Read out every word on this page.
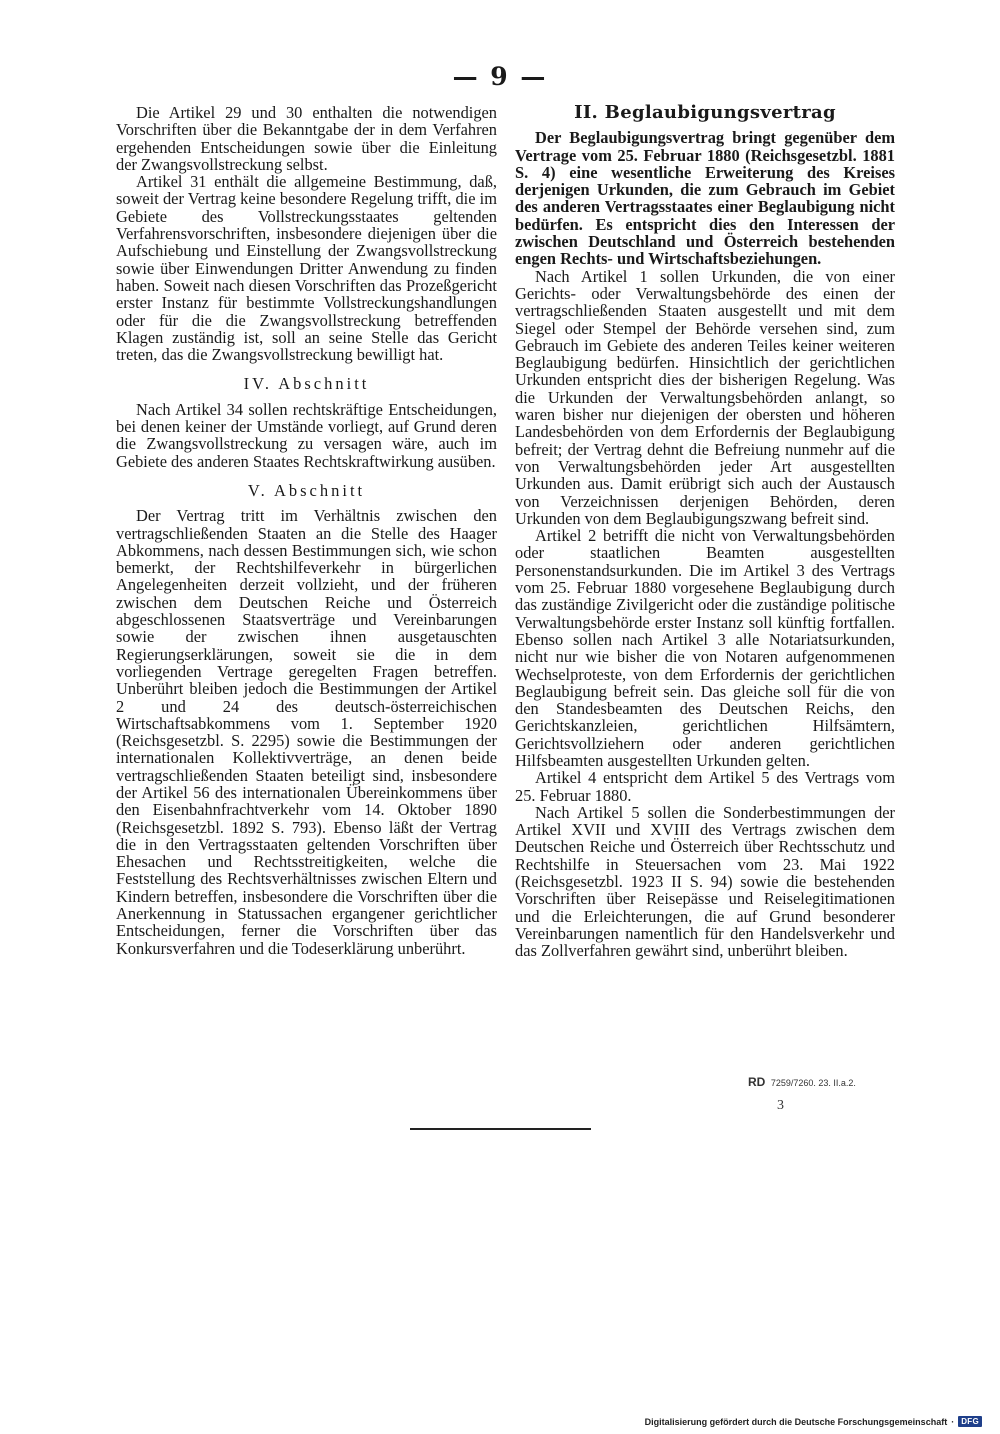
— 9 —

Die Artikel 29 und 30 enthalten die notwendigen Vorschriften über die Bekanntgabe der in dem Verfahren ergehenden Entscheidungen sowie über die Einleitung der Zwangsvollstreckung selbst.

Artikel 31 enthält die allgemeine Bestimmung, daß, soweit der Vertrag keine besondere Regelung trifft, die im Gebiete des Vollstreckungsstaates geltenden Verfahrensvorschriften, insbesondere diejenigen über die Aufschiebung und Einstellung der Zwangsvollstreckung sowie über Einwendungen Dritter Anwendung zu finden haben. Soweit nach diesen Vorschriften das Prozeßgericht erster Instanz für bestimmte Vollstreckungshandlungen oder für die die Zwangsvollstreckung betreffenden Klagen zuständig ist, soll an seine Stelle das Gericht treten, das die Zwangsvollstreckung bewilligt hat.

IV. Abschnitt

Nach Artikel 34 sollen rechtskräftige Entscheidungen, bei denen keiner der Umstände vorliegt, auf Grund deren die Zwangsvollstreckung zu versagen wäre, auch im Gebiete des anderen Staates Rechtskraftwirkung ausüben.

V. Abschnitt

Der Vertrag tritt im Verhältnis zwischen den vertragschließenden Staaten an die Stelle des Haager Abkommens, nach dessen Bestimmungen sich, wie schon bemerkt, der Rechtshilfeverkehr in bürgerlichen Angelegenheiten derzeit vollzieht, und der früheren zwischen dem Deutschen Reiche und Österreich abgeschlossenen Staatsverträge und Vereinbarungen sowie der zwischen ihnen ausgetauschten Regierungserklärungen, soweit sie die in dem vorliegenden Vertrage geregelten Fragen betreffen. Unberührt bleiben jedoch die Bestimmungen der Artikel 2 und 24 des deutsch-österreichischen Wirtschaftsabkommens vom 1. September 1920 (Reichsgesetzbl. S. 2295) sowie die Bestimmungen der internationalen Kollektivverträge, an denen beide vertragschließenden Staaten beteiligt sind, insbesondere der Artikel 56 des internationalen Übereinkommens über den Eisenbahnfrachtverkehr vom 14. Oktober 1890 (Reichsgesetzbl. 1892 S. 793). Ebenso läßt der Vertrag die in den Vertragsstaaten geltenden Vorschriften über Ehesachen und Rechtsstreitigkeiten, welche die Feststellung des Rechtsverhältnisses zwischen Eltern und Kindern betreffen, insbesondere die Vorschriften über die Anerkennung in Statussachen ergangener gerichtlicher Entscheidungen, ferner die Vorschriften über das Konkursverfahren und die Todeserklärung unberührt.

II. Beglaubigungsvertrag

Der Beglaubigungsvertrag bringt gegenüber dem Vertrage vom 25. Februar 1880 (Reichsgesetzbl. 1881 S. 4) eine wesentliche Erweiterung des Kreises derjenigen Urkunden, die zum Gebrauch im Gebiet des anderen Vertragsstaates einer Beglaubigung nicht bedürfen. Es entspricht dies den Interessen der zwischen Deutschland und Österreich bestehenden engen Rechts- und Wirtschaftsbeziehungen.

Nach Artikel 1 sollen Urkunden, die von einer Gerichts- oder Verwaltungsbehörde des einen der vertragschließenden Staaten ausgestellt und mit dem Siegel oder Stempel der Behörde versehen sind, zum Gebrauch im Gebiete des anderen Teiles keiner weiteren Beglaubigung bedürfen. Hinsichtlich der gerichtlichen Urkunden entspricht dies der bisherigen Regelung. Was die Urkunden der Verwaltungsbehörden anlangt, so waren bisher nur diejenigen der obersten und höheren Landesbehörden von dem Erfordernis der Beglaubigung befreit; der Vertrag dehnt die Befreiung nunmehr auf die von Verwaltungsbehörden jeder Art ausgestellten Urkunden aus. Damit erübrigt sich auch der Austausch von Verzeichnissen derjenigen Behörden, deren Urkunden von dem Beglaubigungszwang befreit sind.

Artikel 2 betrifft die nicht von Verwaltungsbehörden oder staatlichen Beamten ausgestellten Personenstandsurkunden. Die im Artikel 3 des Vertrags vom 25. Februar 1880 vorgesehene Beglaubigung durch das zuständige Zivilgericht oder die zuständige politische Verwaltungsbehörde erster Instanz soll künftig fortfallen. Ebenso sollen nach Artikel 3 alle Notariatsurkunden, nicht nur wie bisher die von Notaren aufgenommenen Wechselproteste, von dem Erfordernis der gerichtlichen Beglaubigung befreit sein. Das gleiche soll für die von den Standesbeamten des Deutschen Reichs, den Gerichtskanzleien, gerichtlichen Hilfsämtern, Gerichtsvollziehern oder anderen gerichtlichen Hilfsbeamten ausgestellten Urkunden gelten.

Artikel 4 entspricht dem Artikel 5 des Vertrags vom 25. Februar 1880.

Nach Artikel 5 sollen die Sonderbestimmungen der Artikel XVII und XVIII des Vertrags zwischen dem Deutschen Reiche und Österreich über Rechtsschutz und Rechtshilfe in Steuersachen vom 23. Mai 1922 (Reichsgesetzbl. 1923 II S. 94) sowie die bestehenden Vorschriften über Reisepässe und Reiselegitimationen und die Erleichterungen, die auf Grund besonderer Vereinbarungen namentlich für den Handelsverkehr und das Zollverfahren gewährt sind, unberührt bleiben.

RD 7259/7260. 23. II.a.2.
3
Digitalisierung gefördert durch die Deutsche Forschungsgemeinschaft · DFG
